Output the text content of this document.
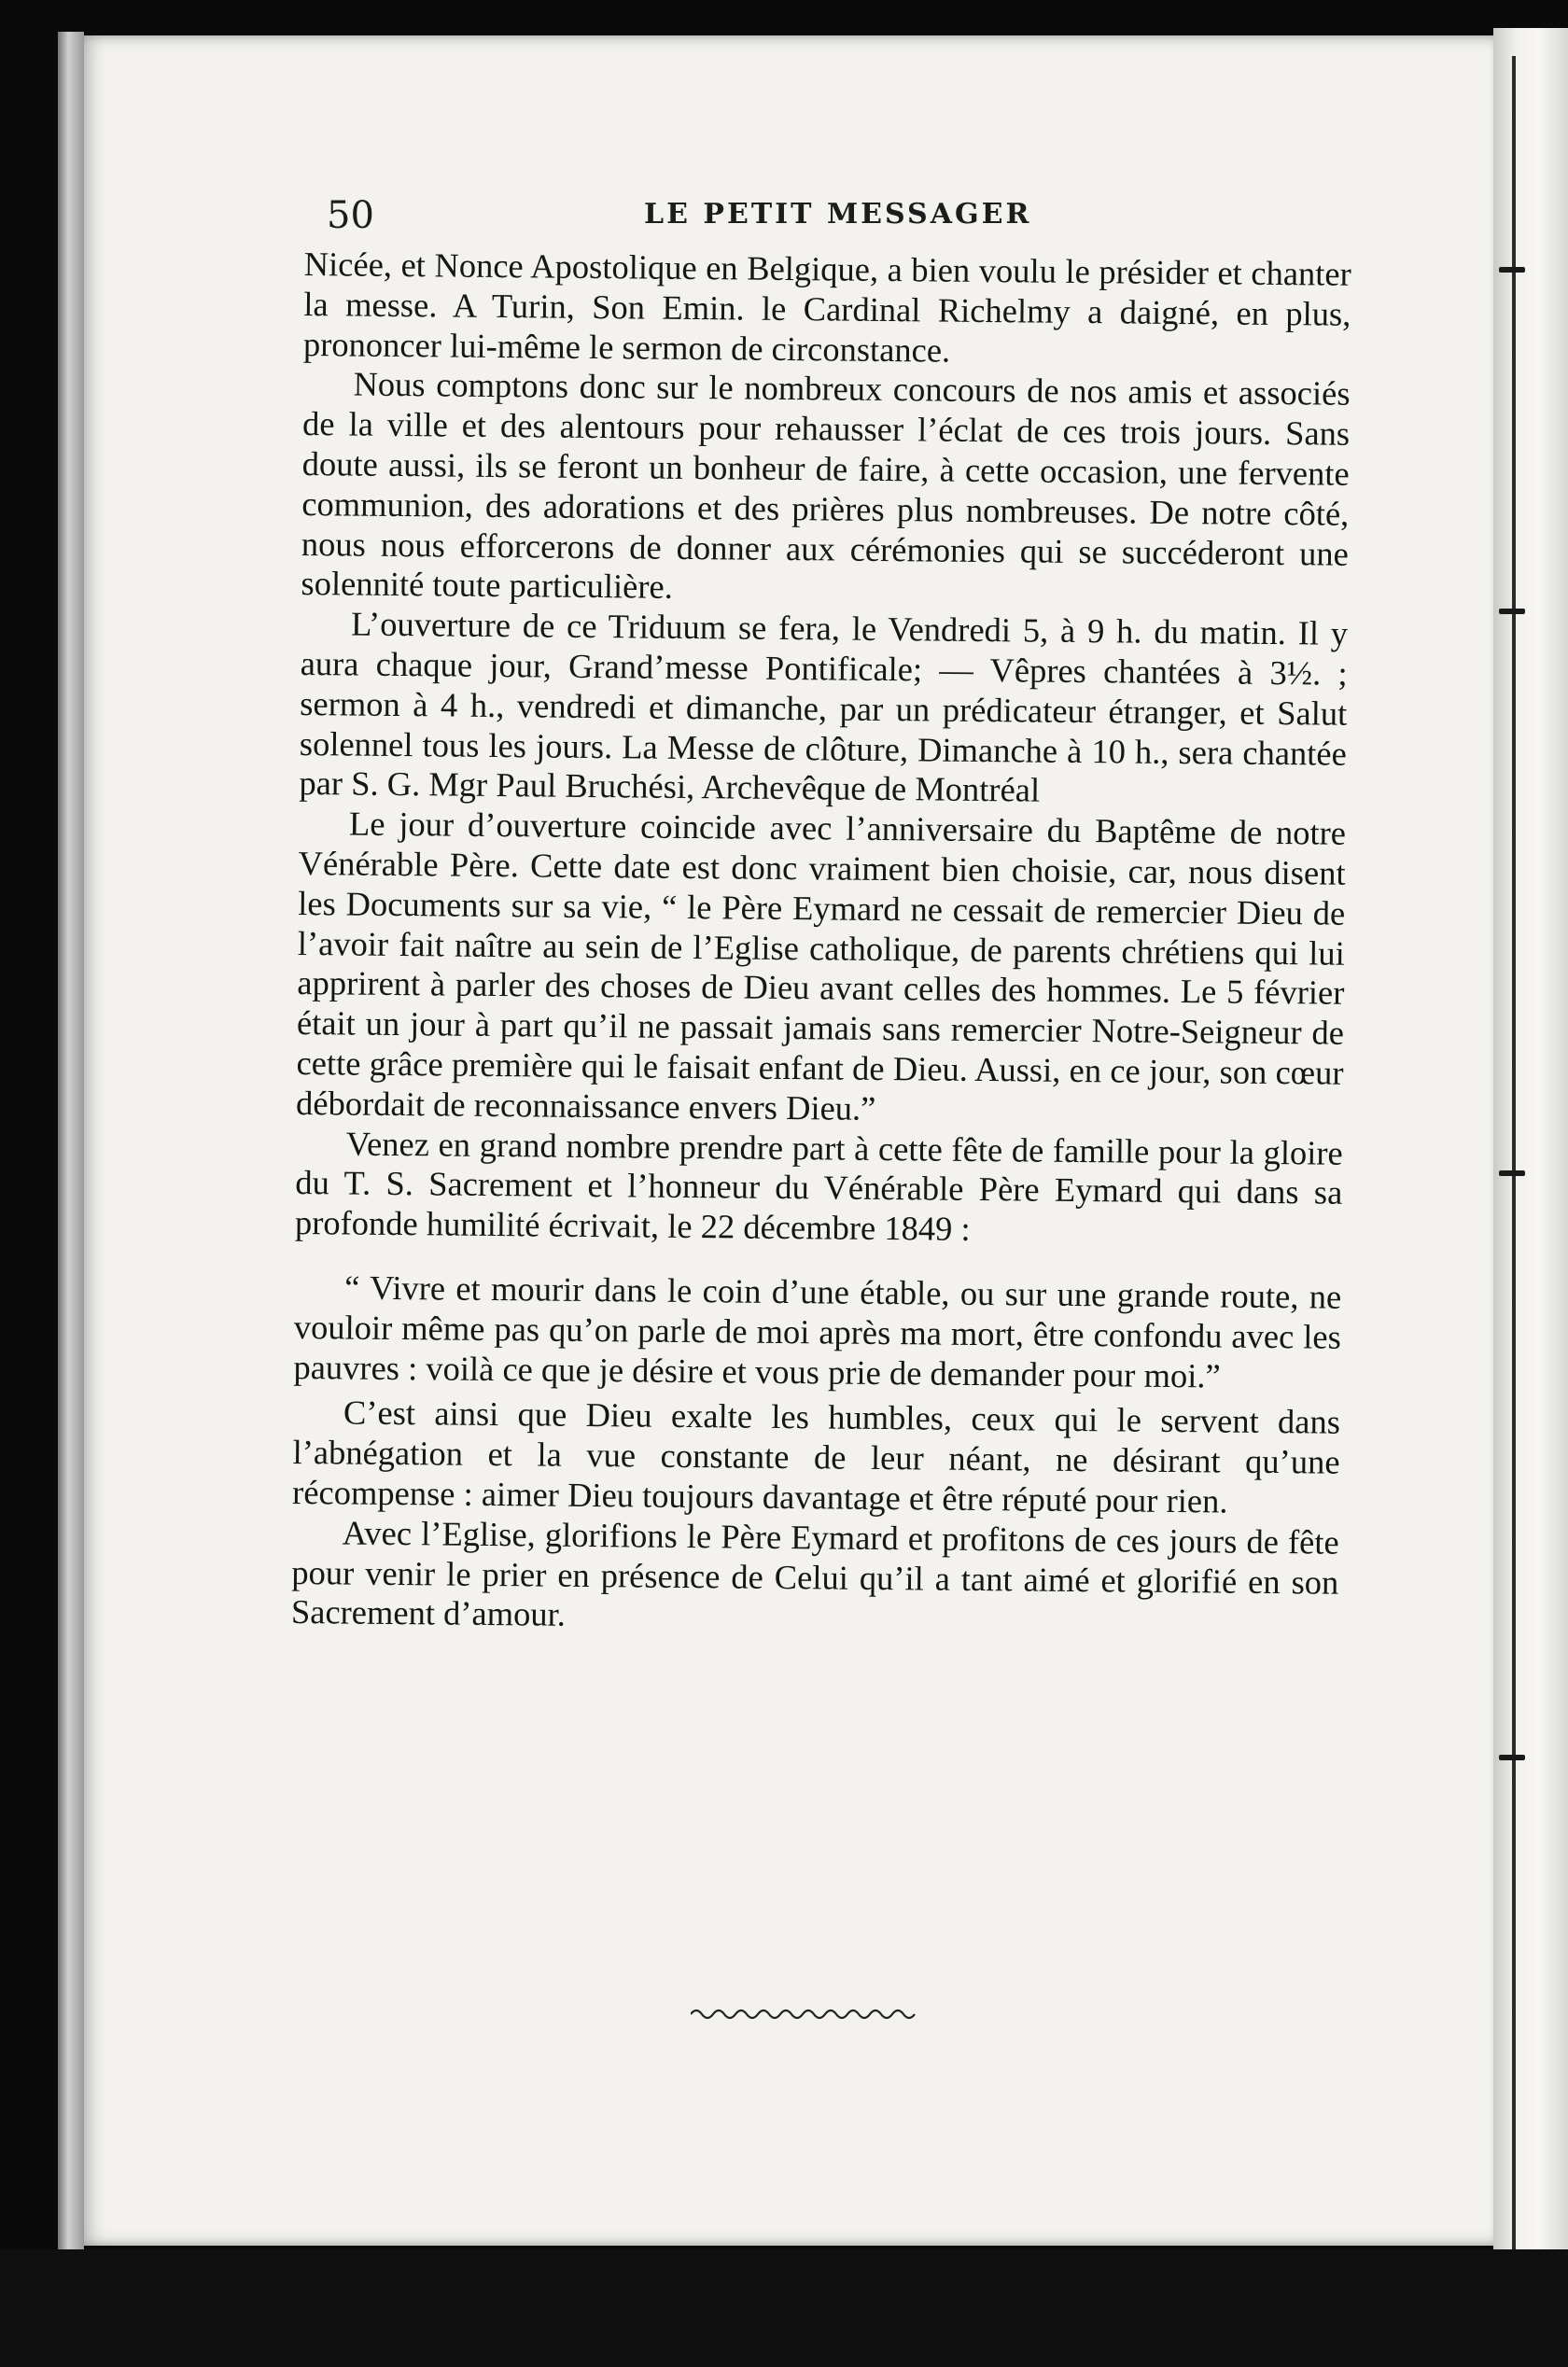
50	LE PETIT MESSAGER

Nicée, et Nonce Apostolique en Belgique, a bien voulu le présider et chanter la messe. A Turin, Son Emin. le Cardinal Richelmy a daigné, en plus, prononcer lui-même le sermon de circonstance.

Nous comptons donc sur le nombreux concours de nos amis et associés de la ville et des alentours pour rehausser l’éclat de ces trois jours. Sans doute aussi, ils se feront un bonheur de faire, à cette occasion, une fervente communion, des adorations et des prières plus nombreuses. De notre côté, nous nous efforcerons de donner aux cérémonies qui se succéderont une solennité toute particulière.

L’ouverture de ce Triduum se fera, le Vendredi 5, à 9 h. du matin. Il y aura chaque jour, Grand’messe Pontificale; — Vêpres chantées à 3½. ; sermon à 4 h., vendredi et dimanche, par un prédicateur étranger, et Salut solennel tous les jours. La Messe de clôture, Dimanche à 10 h., sera chantée par S. G. Mgr Paul Bruchési, Archevêque de Montréal

Le jour d’ouverture coincide avec l’anniversaire du Baptême de notre Vénérable Père. Cette date est donc vraiment bien choisie, car, nous disent les Documents sur sa vie, “ le Père Eymard ne cessait de remercier Dieu de l’avoir fait naître au sein de l’Eglise catholique, de parents chrétiens qui lui apprirent à parler des choses de Dieu avant celles des hommes. Le 5 février était un jour à part qu’il ne passait jamais sans remercier Notre-Seigneur de cette grâce première qui le faisait enfant de Dieu. Aussi, en ce jour, son cœur débordait de reconnaissance envers Dieu.”

Venez en grand nombre prendre part à cette fête de famille pour la gloire du T. S. Sacrement et l’honneur du Vénérable Père Eymard qui dans sa profonde humilité écrivait, le 22 décembre 1849 :

“ Vivre et mourir dans le coin d’une étable, ou sur une grande route, ne vouloir même pas qu’on parle de moi après ma mort, être confondu avec les pauvres : voilà ce que je désire et vous prie de demander pour moi.”

C’est ainsi que Dieu exalte les humbles, ceux qui le servent dans l’abnégation et la vue constante de leur néant, ne désirant qu’une récompense : aimer Dieu toujours davantage et être réputé pour rien.

Avec l’Eglise, glorifions le Père Eymard et profitons de ces jours de fête pour venir le prier en présence de Celui qu’il a tant aimé et glorifié en son Sacrement d’amour.
